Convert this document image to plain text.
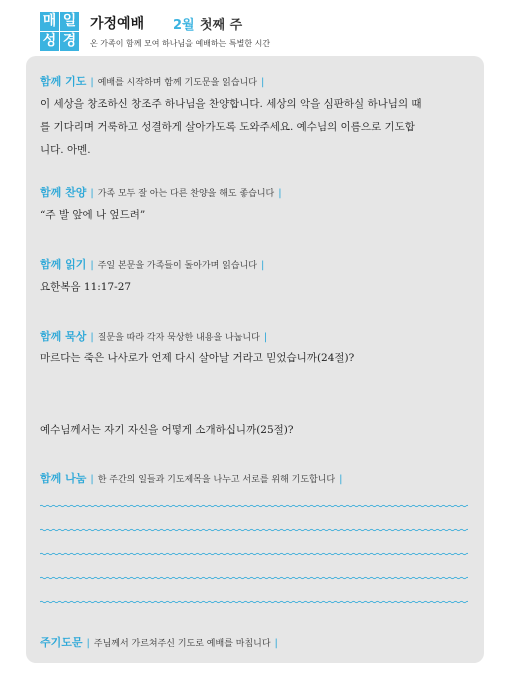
매 일
성 경
가정예배 2월 첫째 주
온 가족이 함께 모여 하나님을 예배하는 특별한 시간
함께 기도 | 예배를 시작하며 함께 기도문을 읽습니다 |
이 세상을 창조하신 창조주 하나님을 찬양합니다. 세상의 악을 심판하실 하나님의 때
를 기다리며 거룩하고 성결하게 살아가도록 도와주세요. 예수님의 이름으로 기도합
니다. 아멘.
함께 찬양 | 가족 모두 잘 아는 다른 찬양을 해도 좋습니다 |
“주 발 앞에 나 엎드려”
함께 읽기 | 주일 본문을 가족들이 돌아가며 읽습니다 |
요한복음 11:17-27
함께 묵상 | 질문을 따라 각자 묵상한 내용을 나눕니다 |
마르다는 죽은 나사로가 언제 다시 살아날 거라고 믿었습니까(24절)?
예수님께서는 자기 자신을 어떻게 소개하십니까(25절)?
함께 나눔 | 한 주간의 일들과 기도제목을 나누고 서로를 위해 기도합니다 |
주기도문 | 주님께서 가르쳐주신 기도로 예배를 마칩니다 |
